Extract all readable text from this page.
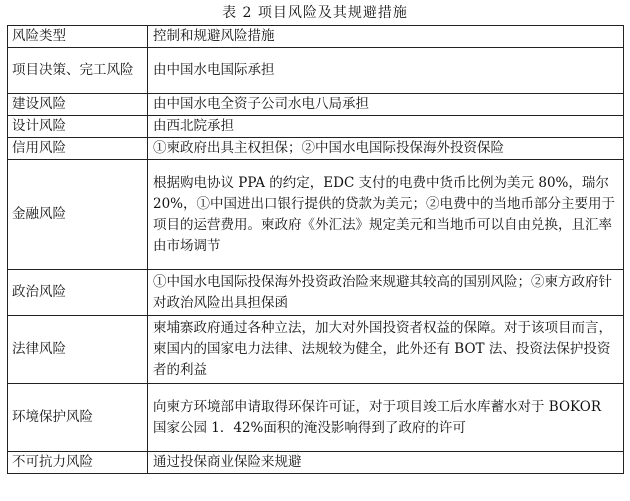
表 2 项目风险及其规避措施
风险类型	控制和规避风险措施
项目决策、完工风险	由中国水电国际承担
建设风险	由中国水电全资子公司水电八局承担
设计风险	由西北院承担
信用风险	①柬政府出具主权担保；②中国水电国际投保海外投资保险
金融风险	根据购电协议 PPA 的约定，EDC 支付的电费中货币比例为美元 80%，瑞尔 20%，①中国进出口银行提供的贷款为美元；②电费中的当地币部分主要用于项目的运营费用。柬政府《外汇法》规定美元和当地币可以自由兑换，且汇率由市场调节
政治风险	①中国水电国际投保海外投资政治险来规避其较高的国别风险；②柬方政府针对政治风险出具担保函
法律风险	柬埔寨政府通过各种立法，加大对外国投资者权益的保障。对于该项目而言，柬国内的国家电力法律、法规较为健全，此外还有 BOT 法、投资法保护投资者的利益
环境保护风险	向柬方环境部申请取得环保许可证，对于项目竣工后水库蓄水对于 BOKOR 国家公园 1．42%面积的淹没影响得到了政府的许可
不可抗力风险	通过投保商业保险来规避
